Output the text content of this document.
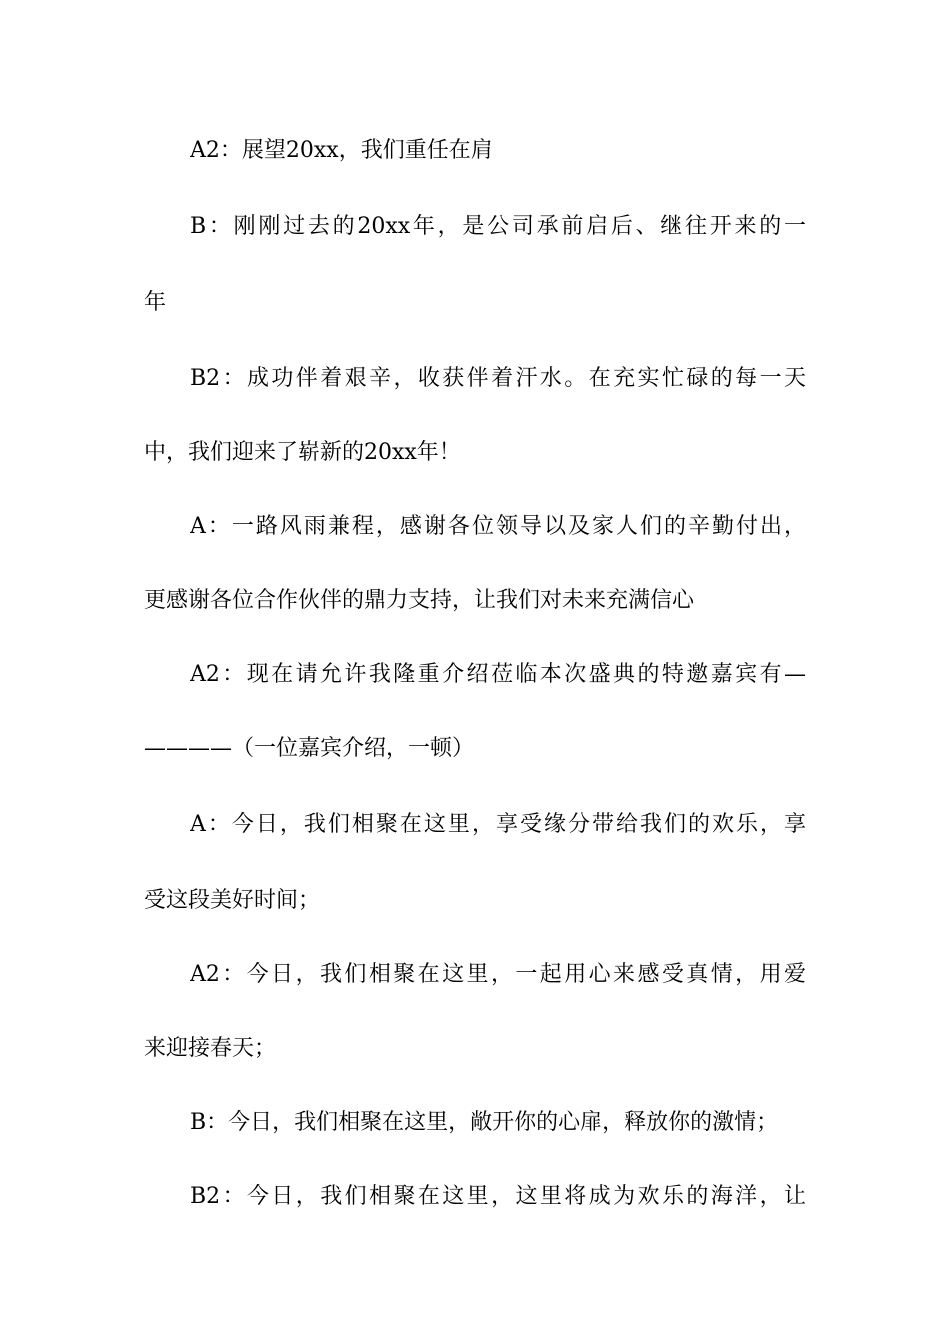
A2：展望20xx，我们重任在肩
B：刚刚过去的20xx年，是公司承前启后、继往开来的一
年
B2：成功伴着艰辛，收获伴着汗水。在充实忙碌的每一天
中，我们迎来了崭新的20xx年！
A：一路风雨兼程，感谢各位领导以及家人们的辛勤付出，
更感谢各位合作伙伴的鼎力支持，让我们对未来充满信心
A2：现在请允许我隆重介绍莅临本次盛典的特邀嘉宾有—
————（一位嘉宾介绍，一顿）
A：今日，我们相聚在这里，享受缘分带给我们的欢乐，享
受这段美好时间；
A2：今日，我们相聚在这里，一起用心来感受真情，用爱
来迎接春天；
B：今日，我们相聚在这里，敞开你的心扉，释放你的激情；
B2：今日，我们相聚在这里，这里将成为欢乐的海洋，让
